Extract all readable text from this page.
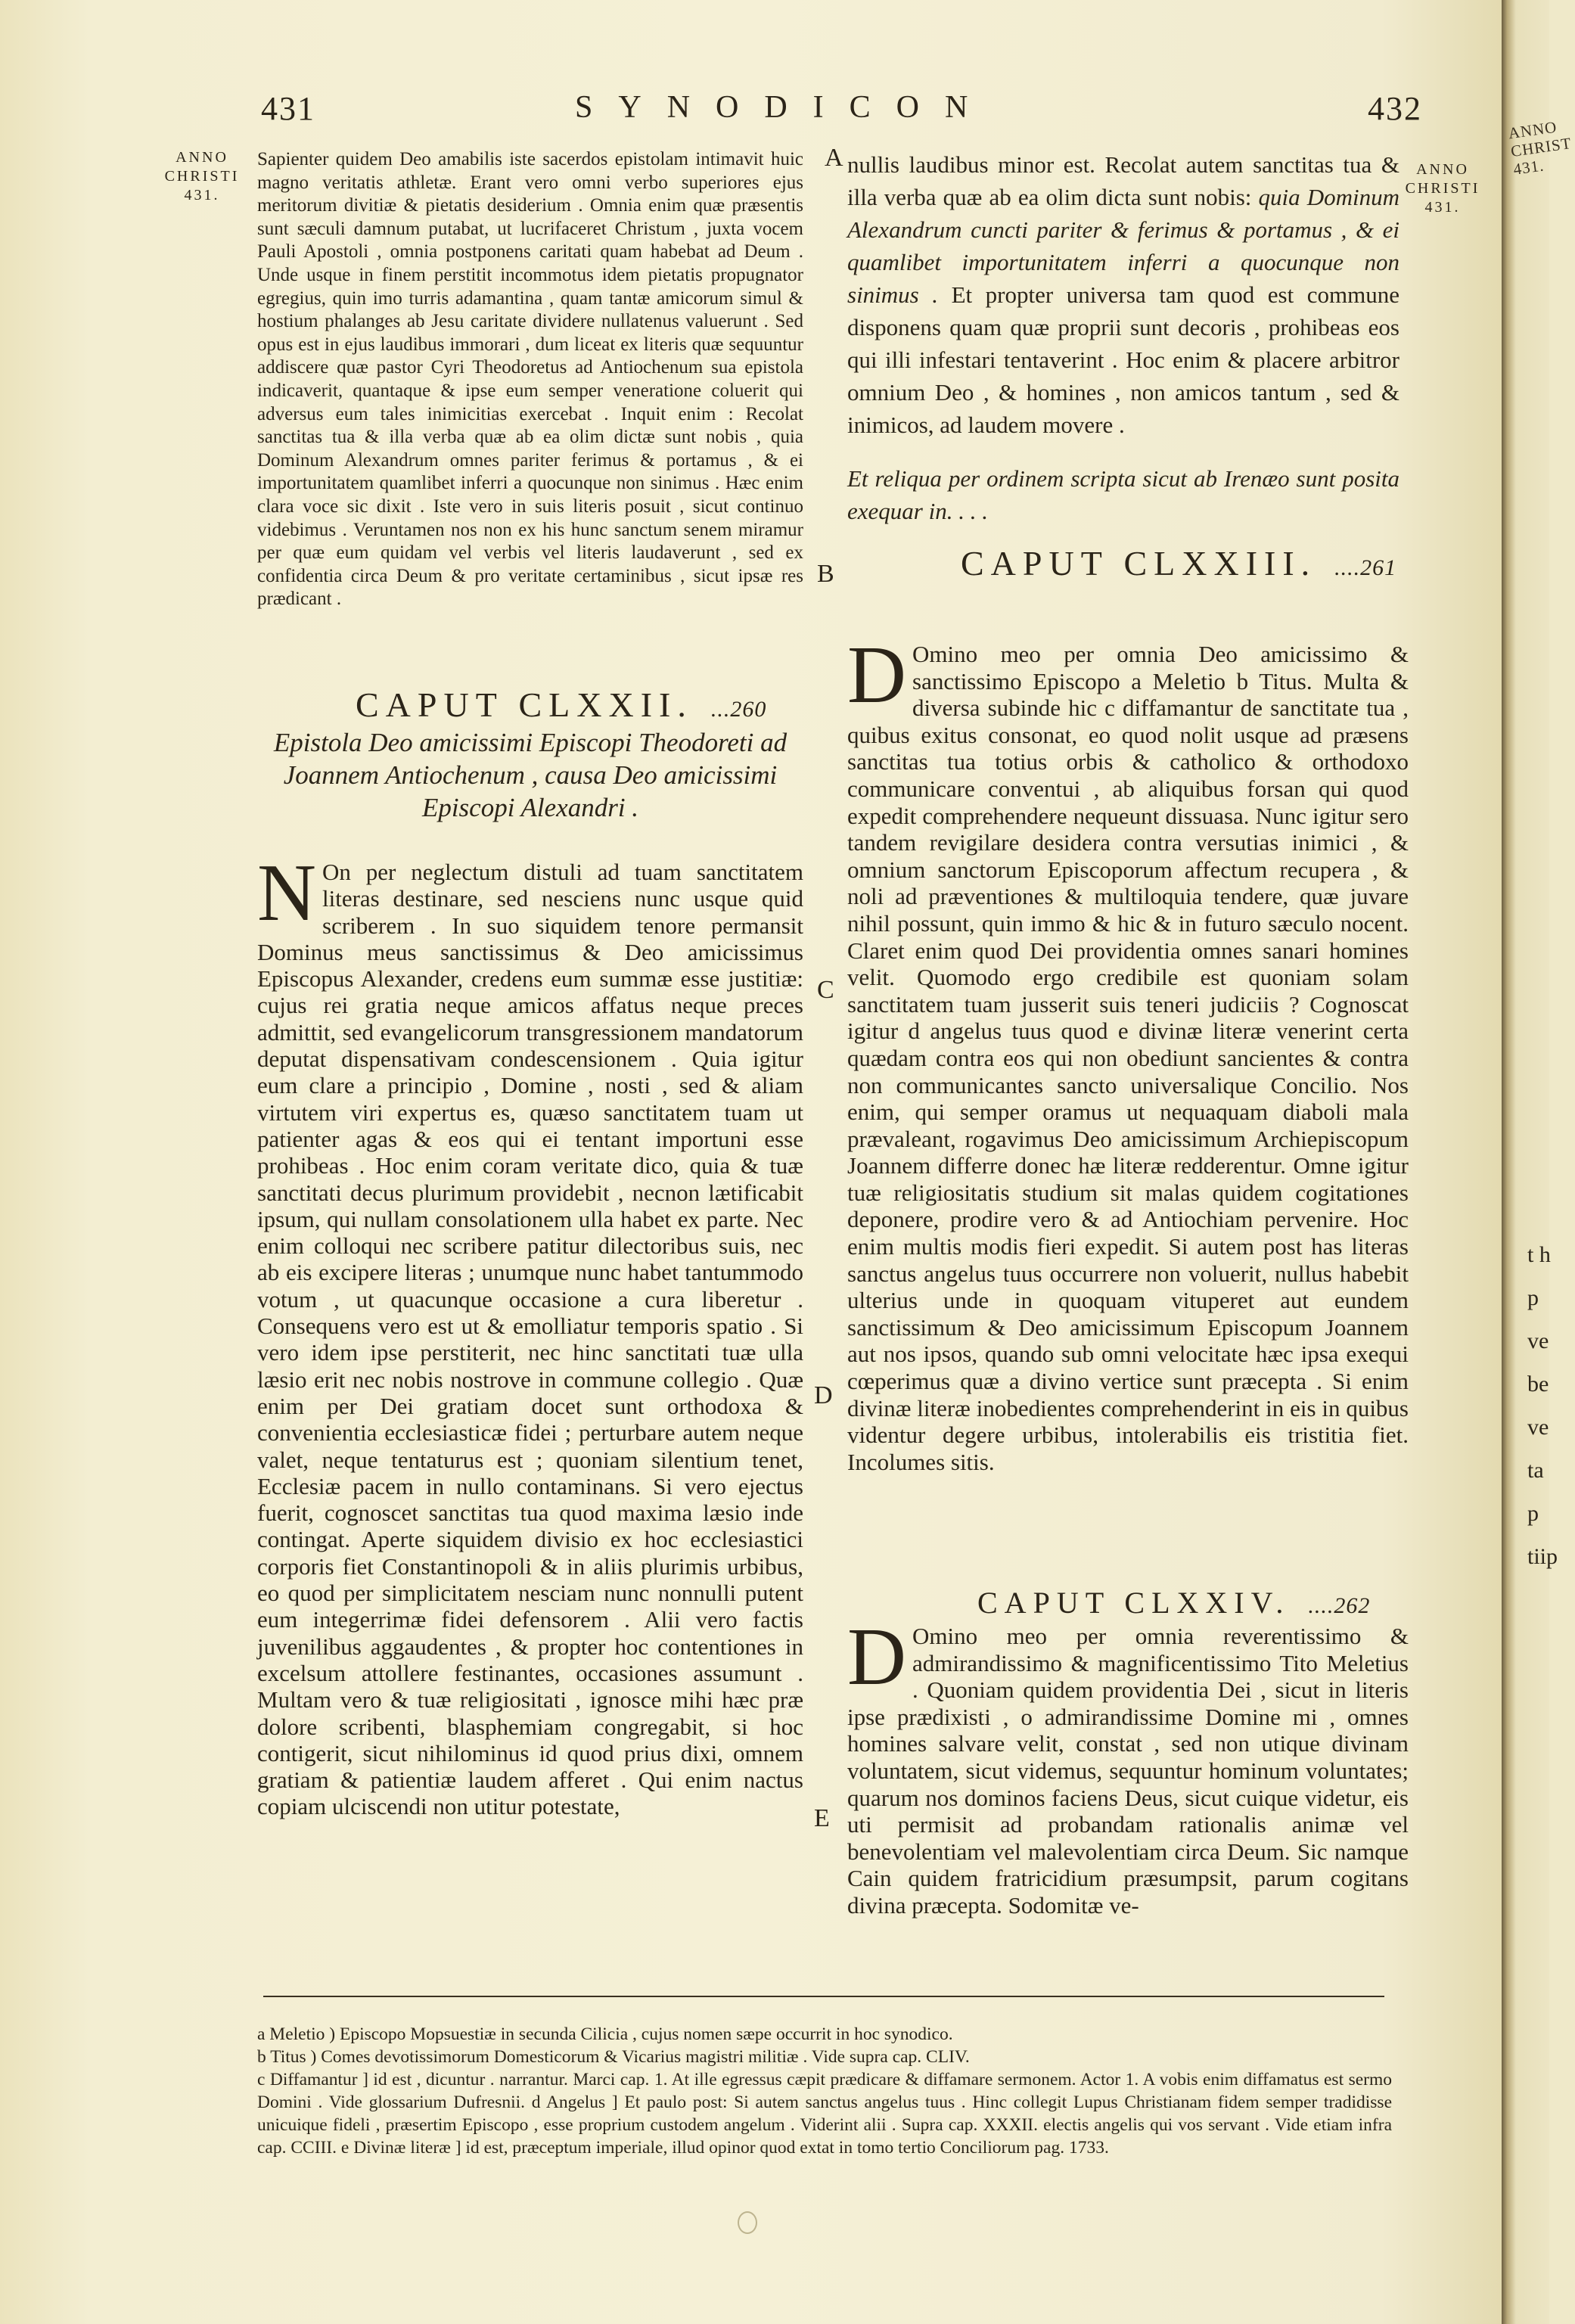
431	SYNODICON	432
ANNO CHRISTI 431.
ANNO CHRISTI 431.

Sapienter quidem Deo amabilis iste sacerdos epistolam intimavit huic magno veritatis athletæ. Erant vero omni verbo superiores ejus meritorum divitiæ & pietatis desiderium . Omnia enim quæ præsentis sunt sæculi damnum putabat, ut lucrifaceret Christum , juxta vocem Pauli Apostoli , omnia postponens caritati quam habebat ad Deum . Unde usque in finem perstitit incommotus idem pietatis propugnator egregius, quin imo turris adamantina , quam tantæ amicorum simul & hostium phalanges ab Jesu caritate dividere nullatenus valuerunt . Sed opus est in ejus laudibus immorari , dum liceat ex literis quæ sequuntur addiscere quæ pastor Cyri Theodoretus ad Antiochenum sua epistola indicaverit, quantaque & ipse eum semper veneratione coluerit qui adversus eum tales inimicitias exercebat . Inquit enim : Recolat sanctitas tua & illa verba quæ ab ea olim dictæ sunt nobis , quia Dominum Alexandrum omnes pariter ferimus & portamus , & ei importunitatem quamlibet inferri a quocunque non sinimus . Hæc enim clara voce sic dixit . Iste vero in suis literis posuit , sicut continuo videbimus . Veruntamen nos non ex his hunc sanctum senem miramur per quæ eum quidam vel verbis vel literis laudaverunt , sed ex confidentia circa Deum & pro veritate certaminibus , sicut ipsæ res prædicant .

nullis laudibus minor est. Recolat autem sanctitas tua & illa verba quæ ab ea olim dicta sunt nobis: quia Dominum Alexandrum cuncti pariter & ferimus & portamus , & ei quamlibet importunitatem inferri a quocunque non sinimus . Et propter universa tam quod est commune disponens quam quæ proprii sunt decoris , prohibeas eos qui illi infestari tentaverint . Hoc enim & placere arbitror omnium Deo , & homines , non amicos tantum , sed & inimicos, ad laudem movere .

Et reliqua per ordinem scripta sicut ab Irenæo sunt posita exequar in. . . .

CAPUT CLXXII. ...260
Epistola Deo amicissimi Episcopi Theodoreti ad Joannem Antiochenum , causa Deo amicissimi Episcopi Alexandri .
N On per neglectum distuli ad tuam sanctitatem literas destinare, sed nesciens nunc usque quid scriberem . In suo siquidem tenore permansit Dominus meus sanctissimus & Deo amicissimus Episcopus Alexander, credens eum summæ esse justitiæ: cujus rei gratia neque amicos affatus neque preces admittit, sed evangelicorum transgressionem mandatorum deputat dispensativam condescensionem . Quia igitur eum clare a principio , Domine , nosti , sed & aliam virtutem viri expertus es, quæso sanctitatem tuam ut patienter agas & eos qui ei tentant importuni esse prohibeas . Hoc enim coram veritate dico, quia & tuæ sanctitati decus plurimum providebit , necnon lætificabit ipsum, qui nullam consolationem ulla habet ex parte. Nec enim colloqui nec scribere patitur dilectoribus suis, nec ab eis excipere literas ; unumque nunc habet tantummodo votum , ut quacunque occasione a cura liberetur . Consequens vero est ut & emolliatur temporis spatio . Si vero idem ipse perstiterit, nec hinc sanctitati tuæ ulla læsio erit nec nobis nostrove in commune collegio . Quæ enim per Dei gratiam docet sunt orthodoxa & convenientia ecclesiasticæ fidei ; perturbare autem neque valet, neque tentaturus est ; quoniam silentium tenet, Ecclesiæ pacem in nullo contaminans. Si vero ejectus fuerit, cognoscet sanctitas tua quod maxima læsio inde contingat. Aperte siquidem divisio ex hoc ecclesiastici corporis fiet Constantinopoli & in aliis plurimis urbibus, eo quod per simplicitatem nesciam nunc nonnulli putent eum integerrimæ fidei defensorem . Alii vero factis juvenilibus aggaudentes , & propter hoc contentiones in excelsum attollere festinantes, occasiones assumunt . Multam vero & tuæ religiositati , ignosce mihi hæc præ dolore scribenti, blasphemiam congregabit, si hoc contigerit, sicut nihilominus id quod prius dixi, omnem gratiam & patientiæ laudem afferet . Qui enim nactus copiam ulciscendi non utitur potestate,
CAPUT CLXXIII. ....261
D Omino meo per omnia Deo amicissimo & sanctissimo Episcopo a Meletio b Titus. Multa & diversa subinde hic c diffamantur de sanctitate tua , quibus exitus consonat, eo quod nolit usque ad præsens sanctitas tua totius orbis & catholico & orthodoxo communicare conventui , ab aliquibus forsan qui quod expedit comprehendere nequeunt dissuasa. Nunc igitur sero tandem revigilare desidera contra versutias inimici , & omnium sanctorum Episcoporum affectum recupera , & noli ad præventiones & multiloquia tendere, quæ juvare nihil possunt, quin immo & hic & in futuro sæculo nocent. Claret enim quod Dei providentia omnes sanari homines velit. Quomodo ergo credibile est quoniam solam sanctitatem tuam jusserit suis teneri judiciis ? Cognoscat igitur d angelus tuus quod e divinæ literæ venerint certa quædam contra eos qui non obediunt sancientes & contra non communicantes sancto universalique Concilio. Nos enim, qui semper oramus ut nequaquam diaboli mala prævaleant, rogavimus Deo amicissimum Archiepiscopum Joannem differre donec hæ literæ redderentur. Omne igitur tuæ religiositatis studium sit malas quidem cogitationes deponere, prodire vero & ad Antiochiam pervenire. Hoc enim multis modis fieri expedit. Si autem post has literas sanctus angelus tuus occurrere non voluerit, nullus habebit ulterius unde in quoquam vituperet aut eundem sanctissimum & Deo amicissimum Episcopum Joannem aut nos ipsos, quando sub omni velocitate hæc ipsa exequi cœperimus quæ a divino vertice sunt præcepta . Si enim divinæ literæ inobedientes comprehenderint in eis in quibus videntur degere urbibus, intolerabilis eis tristitia fiet. Incolumes sitis.
CAPUT CLXXIV. ....262
D Omino meo per omnia reverentissimo & admirandissimo & magnificentissimo Tito Meletius . Quoniam quidem providentia Dei , sicut in literis ipse prædixisti , o admirandissime Domine mi , omnes homines salvare velit, constat , sed non utique divinam voluntatem, sicut videmus, sequuntur hominum voluntates; quarum nos dominos faciens Deus, sicut cuique videtur, eis uti permisit ad probandam rationalis animæ vel benevolentiam vel malevolentiam circa Deum. Sic namque Cain quidem fratricidium præsumpsit, parum cogitans divina præcepta. Sodomitæ ve-
A
B
C
D
E
a Meletio ) Episcopo Mopsuestiæ in secunda Cilicia , cujus nomen sæpe occurrit in hoc synodico.
b Titus ) Comes devotissimorum Domesticorum & Vicarius magistri militiæ . Vide supra cap. CLIV.
c Diffamantur ] id est , dicuntur . narrantur. Marci cap. 1. At ille egressus cæpit prædicare & diffamare sermonem. Actor 1. A vobis enim diffamatus est sermo Domini . Vide glossarium Dufresnii. d Angelus ] Et paulo post: Si autem sanctus angelus tuus . Hinc collegit Lupus Christianam fidem semper tradidisse unicuique fideli , præsertim Episcopo , esse proprium custodem angelum . Viderint alii . Supra cap. XXXII. electis angelis qui vos servant . Vide etiam infra cap. CCIII. e Divinæ literæ ] id est, præceptum imperiale, illud opinor quod extat in tomo tertio Conciliorum pag. 1733.
ANNO CHRIST 431.
t h p ve be ve ta p tiip
